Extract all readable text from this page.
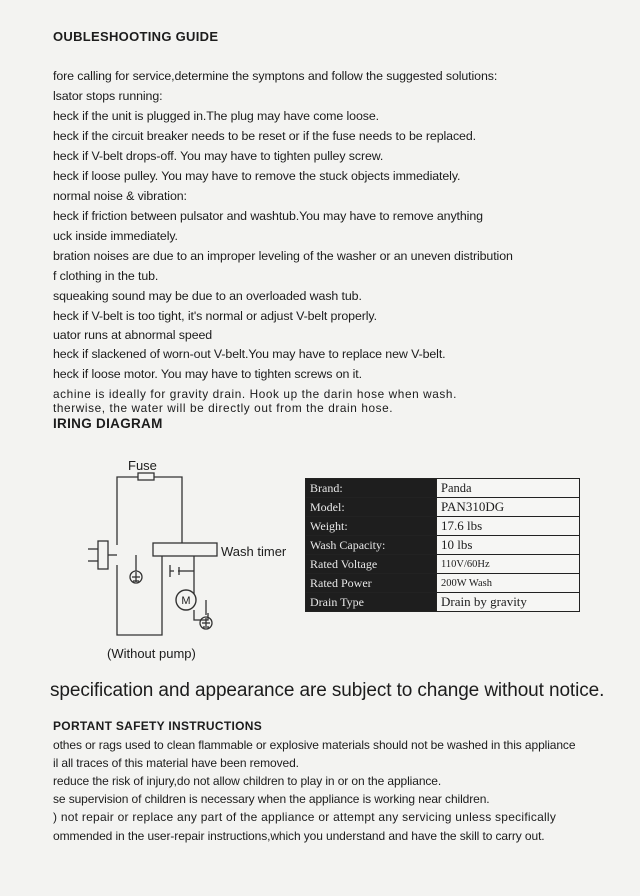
OUBLESHOOTING GUIDE
fore calling for service,determine the symptons and follow the suggested solutions:
lsator stops running:
heck if the unit is plugged in.The plug may have come loose.
heck if the circuit breaker needs to be reset or if the fuse needs to be replaced.
heck if V-belt drops-off. You may have to tighten pulley screw.
heck if loose pulley. You may have to remove the stuck objects immediately.
normal noise & vibration:
heck if friction between pulsator and washtub.You may have to remove anything
uck inside immediately.
bration noises are due to an improper leveling of the washer or an uneven distribution
f clothing in the tub.
squeaking sound may be due to an overloaded wash tub.
heck if V-belt is too tight, it's normal or adjust V-belt properly.
uator runs at abnormal speed
heck if slackened of worn-out V-belt.You may have to replace new V-belt.
heck if loose motor. You may have to tighten screws on it.
achine is ideally for gravity drain. Hook up the darin hose when wash.
therwise, the water will be directly out from the drain hose.
IRING DIAGRAM
M
Fuse
Wash timer
(Without pump)
Brand:	Panda
Model:	PAN310DG
Weight:	17.6 lbs
Wash Capacity:	10 lbs
Rated Voltage	110V/60Hz
Rated Power	200W Wash
Drain Type	Drain by gravity
specification and appearance are subject to change without notice.
PORTANT SAFETY INSTRUCTIONS
othes or rags used to clean flammable or explosive materials should not be washed in this appliance
il all traces of this material have been removed.
reduce the risk of injury,do not allow children to play in or on the appliance.
se supervision of children is necessary when the appliance is working near children.
) not repair or replace any part of the appliance or attempt any servicing unless specifically
ommended in the user-repair instructions,which you understand and have the skill to carry out.
